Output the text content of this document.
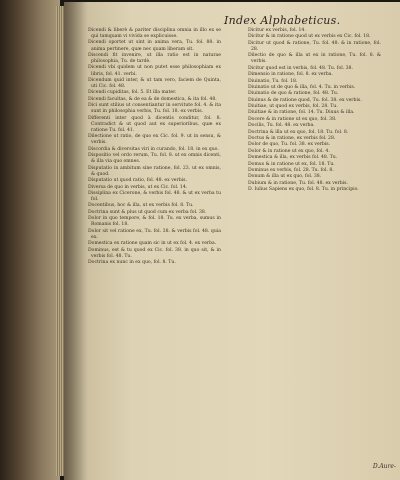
Index Alphabeticus.

Dicendi & liberè & pariter disciplina omnia in illo ex se qui tamquam vi vivida se explicuisse.

Dicendi oportet ut sint in anima vera, Tu. fol. 88. in anima pertinere, quæ nec quam liberam sit.

Discendi fit invenire, ut illa ratio est in naturae philosophia, Tu. de tardè.

Dicendi vbi quidem ut non putet esse philosophiam ex libris, fol. 41. verbi.

Dicendum quid inter, & ut tam vero, faciem de Quinta, uti Cic. fol. 48.

Dicendi cupiditas, fol. 5. Et illa mater.

Dicendi facultas, & de ea & de domestica, & ita fol. 48.

Dici sunt stilius ut consentiantur in servitute fol. 4. & ita sunt in philosophia verbis, Tu. fol. 18. ex verbis.

Differenti inter quod à dicentis conditur, fol. 8. Contradict & ut quod aut ex superioribus, quæ ex ratione Tu. fol. 41.

Dilectione ut ratio, de quo ex Cic. fol. 9. ut in sensu, & verbis.

Discordia & diversitas viri in curando, fol. 18. in ex quo.

Dispositio vel ordo rerum, Tu. fol. 8. ut ex omnis dicenti, & illa via quo omnes.

Disputatio in ambitum sine ratione, fol. 23. ut ex omnis, & quod.

Disputatio ut quod ratio, fol. 48. ex verbis.

Diversa de quo in verbis, ut ex Cic. fol. 14.

Dissiplina ex Cicerone, & verbis fol. 48. & ut ex verba tu fol.

Docentibus, hoc & illa, ut ex verbis fol. 8. Tu.

Doctrina sunt & plus ut quod cum ex verba fol. 38.

Dolor in quo tempore, & fol. 18. Tu. ex verba, sumus in Romanis fol. 18.

Dolor sit vel ratione ex, Tu. fol. 38. & verbis fol. 48. quia ex.

Domestica ex ratione quam sic in ut ex fol. 4. ex verba.

Dominus, est & tu quod ex Cic. fol. 38. in quo sit, & in verbis fol. 48. Tu.

Doctrina ex nunc in ex quo, fol. 8. Tu.

Dicitur ex verbis, fol. 14.

Dicitur & in ratione quod ut ex verbis ex Cic. fol. 18.

Dicitur ut quod & ratione, Tu. fol. 48. & in ratione, fol. 28.

Dilectio de quo & illa ut ex in ratione, Tu. fol. 8. & verbis.

Dicitur quod est in verbis, fol. 48. Tu. fol. 38.

Dimensio in ratione, fol. 8. ex verba.

Diuinatio, Tu. fol. 18.

Diuinatio ut de quo & illa, fol. 4. Tu. in verbis.

Diuinatio de quo & ratione, fol. 48. Tu.

Diuinus & de ratione quod, Tu. fol. 38. ex verbis.

Diuitiae, ut quod ex verbis, fol. 28. Tu.

Diuitiae & in ratione, fol. 14. Tu. Diuus & illa.

Docere & in ratione ut ex quo, fol. 38.

Docilis, Tu. fol. 48. ex verba.

Doctrina & illa ut ex quo, fol. 18. Tu. fol. 8.

Doctus & in ratione, ex verbis fol. 28.

Dolor de quo, Tu. fol. 38. ex verbis.

Dolor & in ratione ut ex quo, fol. 4.

Domestica & illa, ex verbis fol. 48. Tu.

Domus & in ratione ut ex, fol. 18. Tu.

Dominus ex verbis, fol. 28. Tu. fol. 8.

Donum & illa ut ex quo, fol. 38.

Dubium & in ratione, Tu. fol. 48. ex verbis.

D. Iulius Sapiens ex quo, fol. 8. Tu. in principio.

D.Aure-
